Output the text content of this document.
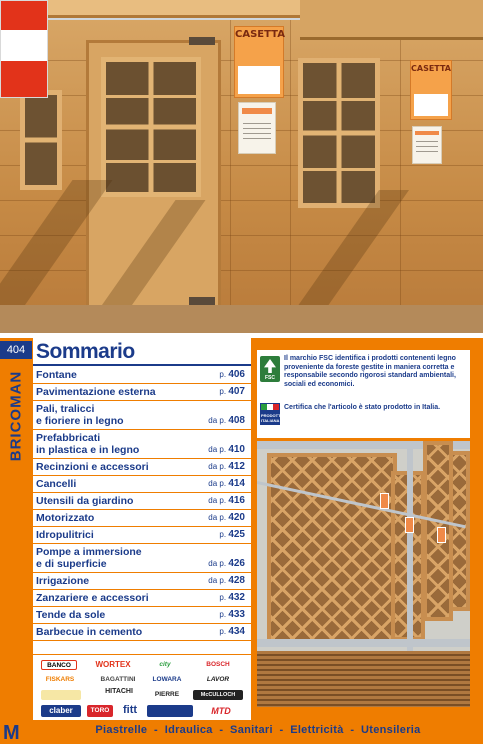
CASETTA
CASETTA
404
BRICOMAN
Sommario
Fontane	p. 406
Pavimentazione esterna	p. 407
Pali, tralicci
e fioriere in legno	da p. 408
Prefabbricati
in plastica e in legno	da p. 410
Recinzioni e accessori	da p. 412
Cancelli	da p. 414
Utensili da giardino	da p. 416
Motorizzato	da p. 420
Idropulitrici	p. 425
Pompe a immersione
e di superficie	da p. 426
Irrigazione	da p. 428
Zanzariere e accessori	p. 432
Tende da sole	p. 433
Barbecue in cemento	p. 434
FSC
Il marchio FSC identifica i prodotti contenenti legno proveniente da foreste gestite in maniera corretta e responsabile secondo rigorosi standard ambientali, sociali ed economici.
PRODOTTO ITALIANA
Certifica che l'articolo è stato prodotto in Italia.
BANCO	WORTEX	city	BOSCH
FISKARS	BAGATTINI	LOWARA	LAVOR
HITACHI	PIERRE	McCULLOCH
claber	TORO	fitt	MTD
M	Piastrelle  -  Idraulica  -  Sanitari  -  Elettricità  -  Utensileria
